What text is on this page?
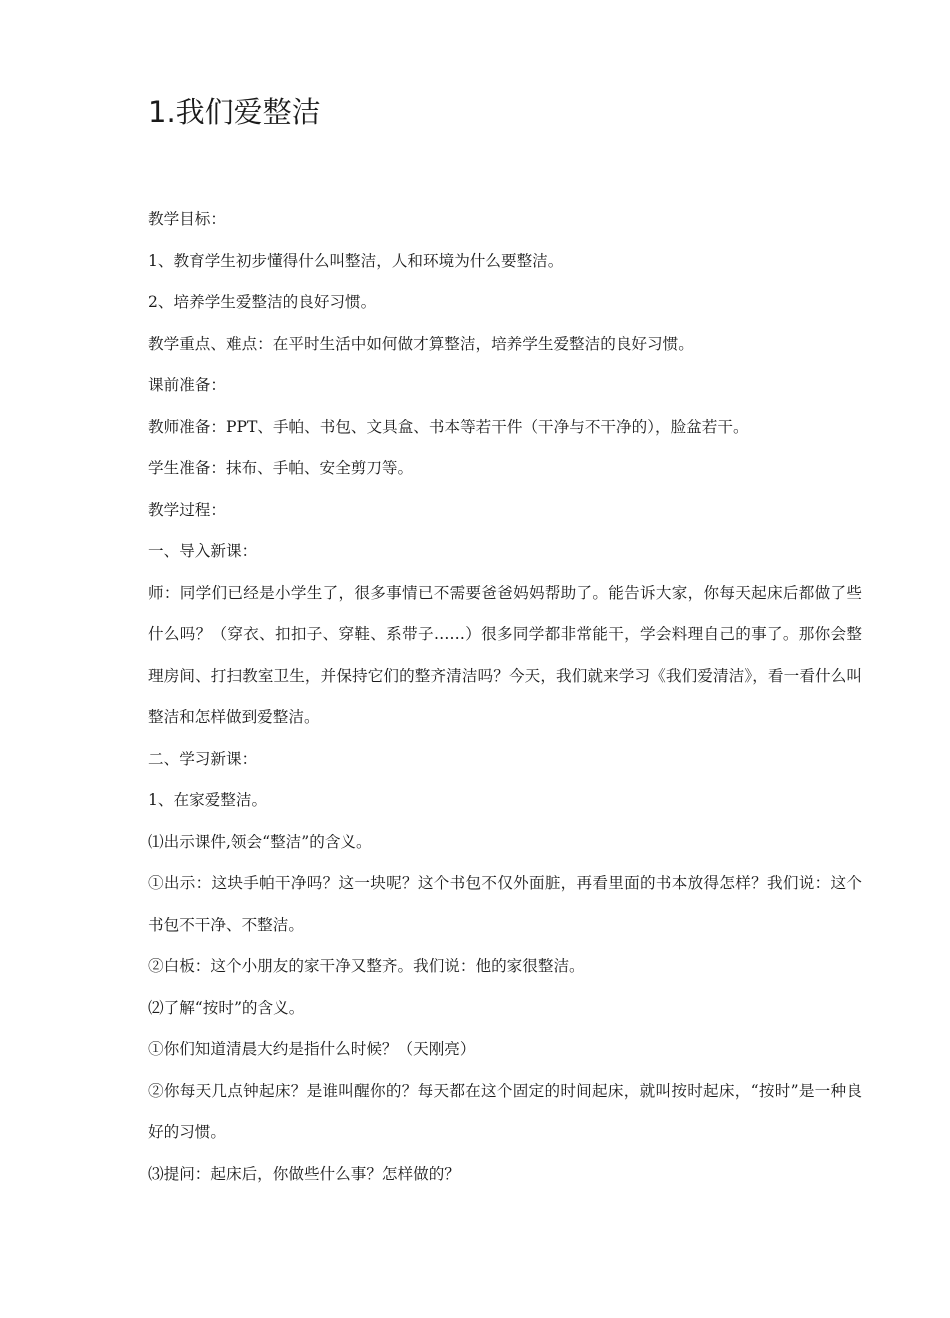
1.我们爱整洁

教学目标：

1、教育学生初步懂得什么叫整洁，人和环境为什么要整洁。

2、培养学生爱整洁的良好习惯。

教学重点、难点：在平时生活中如何做才算整洁，培养学生爱整洁的良好习惯。

课前准备：

教师准备：PPT、手帕、书包、文具盒、书本等若干件（干净与不干净的），脸盆若干。

学生准备：抹布、手帕、安全剪刀等。

教学过程：

一、导入新课：

师：同学们已经是小学生了，很多事情已不需要爸爸妈妈帮助了。能告诉大家，你每天起床后都做了些什么吗？（穿衣、扣扣子、穿鞋、系带子……）很多同学都非常能干，学会料理自己的事了。那你会整理房间、打扫教室卫生，并保持它们的整齐清洁吗？今天，我们就来学习《我们爱清洁》，看一看什么叫整洁和怎样做到爱整洁。

二、学习新课：

1、在家爱整洁。

⑴出示课件,领会“整洁”的含义。

①出示：这块手帕干净吗？这一块呢？这个书包不仅外面脏，再看里面的书本放得怎样？我们说：这个书包不干净、不整洁。

②白板：这个小朋友的家干净又整齐。我们说：他的家很整洁。

⑵了解“按时”的含义。

①你们知道清晨大约是指什么时候？（天刚亮）

②你每天几点钟起床？是谁叫醒你的？每天都在这个固定的时间起床，就叫按时起床，“按时”是一种良好的习惯。

⑶提问：起床后，你做些什么事？怎样做的？
